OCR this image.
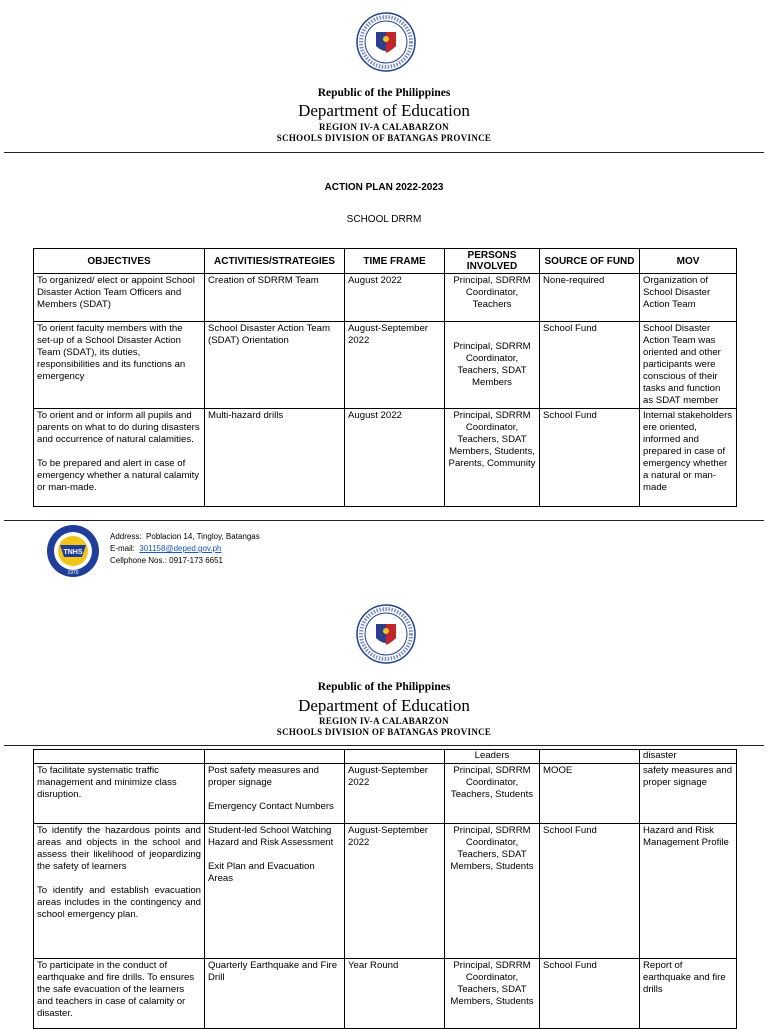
Republic of the Philippines
Department of Education
REGION IV-A CALABARZON
SCHOOLS DIVISION OF BATANGAS PROVINCE
ACTION PLAN 2022-2023
SCHOOL DRRM
OBJECTIVES	ACTIVITIES/STRATEGIES	TIME FRAME	PERSONS INVOLVED	SOURCE OF FUND	MOV
To organized/ elect or appoint School Disaster Action Team Officers and Members (SDAT)	Creation of SDRRM Team	August 2022	Principal, SDRRM Coordinator, Teachers	None-required	Organization of School Disaster Action Team
To orient faculty members with the set-up of a School Disaster Action Team (SDAT), its duties, responsibilities and its functions an emergency	School Disaster Action Team (SDAT) Orientation	August-September 2022	Principal, SDRRM Coordinator, Teachers, SDAT Members	School Fund	School Disaster Action Team was oriented and other participants were conscious of their tasks and function as SDAT member
To orient and or inform all pupils and parents on what to do during disasters and occurrence of natural calamities.

To be prepared and alert in case of emergency whether a natural calamity or man-made.	Multi-hazard drills	August 2022	Principal, SDRRM Coordinator, Teachers, SDAT Members, Students, Parents, Community	School Fund	Internal stakeholders ere oriented, informed and prepared in case of emergency whether a natural or man-made
TNHS
1970
Address: Poblacion 14, Tingloy, Batangas
E-mail: 301158@deped.gov.ph
Cellphone Nos.: 0917-173 6651
Republic of the Philippines
Department of Education
REGION IV-A CALABARZON
SCHOOLS DIVISION OF BATANGAS PROVINCE
			Leaders		disaster
To facilitate systematic traffic management and minimize class disruption.	Post safety measures and proper signage

Emergency Contact Numbers	August-September 2022	Principal, SDRRM Coordinator, Teachers, Students	MOOE	safety measures and proper signage
To identify the hazardous points and areas and objects in the school and assess their likelihood of jeopardizing the safety of learners

To identify and establish evacuation areas includes in the contingency and school emergency plan.	Student-led School Watching Hazard and Risk Assessment

Exit Plan and Evacuation Areas	August-September 2022	Principal, SDRRM Coordinator, Teachers, SDAT Members, Students	School Fund	Hazard and Risk Management Profile
To participate in the conduct of earthquake and fire drills. To ensures the safe evacuation of the learners and teachers in case of calamity or disaster.	Quarterly Earthquake and Fire Drill	Year Round	Principal, SDRRM Coordinator, Teachers, SDAT Members, Students	School Fund	Report of earthquake and fire drills
